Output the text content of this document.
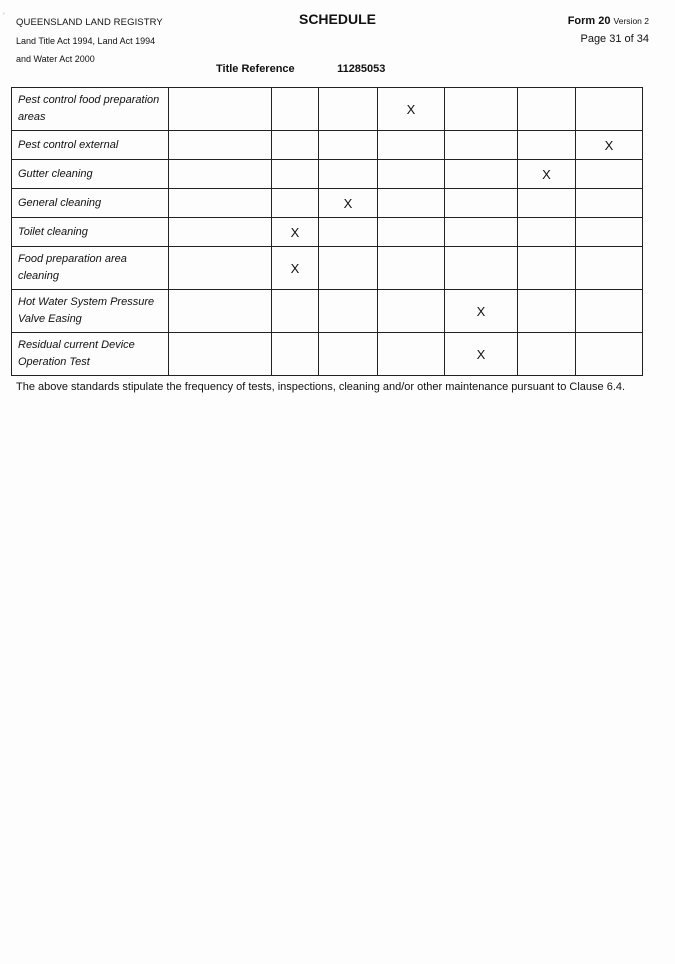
ʼ
QUEENSLAND LAND REGISTRY
Land Title Act 1994, Land Act 1994
and Water Act 2000
SCHEDULE	Form 20 Version 2
Page 31 of 34
Title Reference	11285053
Pest control food preparation areas				X			
Pest control external							X
Gutter cleaning						X	
General cleaning			X				
Toilet cleaning		X					
Food preparation area cleaning		X					
Hot Water System Pressure Valve Easing					X		
Residual current Device Operation Test					X		
The above standards stipulate the frequency of tests, inspections, cleaning and/or other maintenance pursuant to Clause 6.4.
